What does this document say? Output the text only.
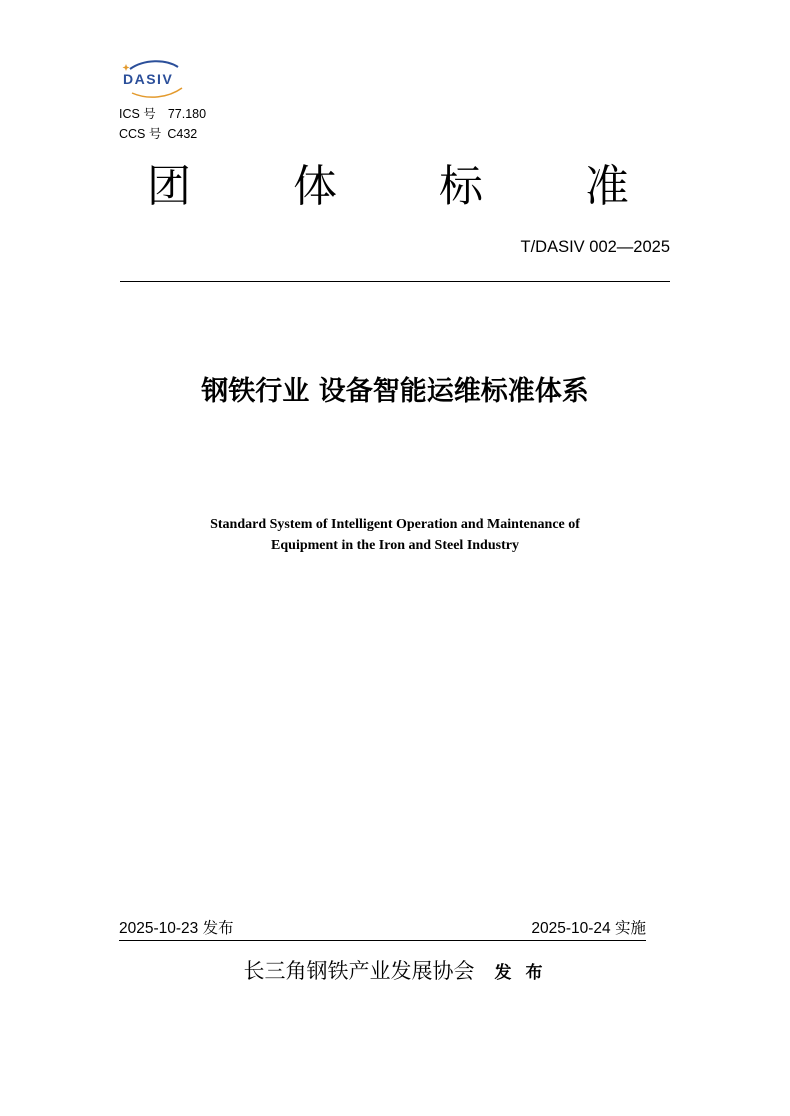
DASIV
ICS 号 77.180
CCS 号 C432
团 体 标 准
T/DASIV 002—2025
钢铁行业 设备智能运维标准体系
Standard System of Intelligent Operation and Maintenance of
Equipment in the Iron and Steel Industry
2025-10-23 发布	2025-10-24 实施
长三角钢铁产业发展协会 发 布
